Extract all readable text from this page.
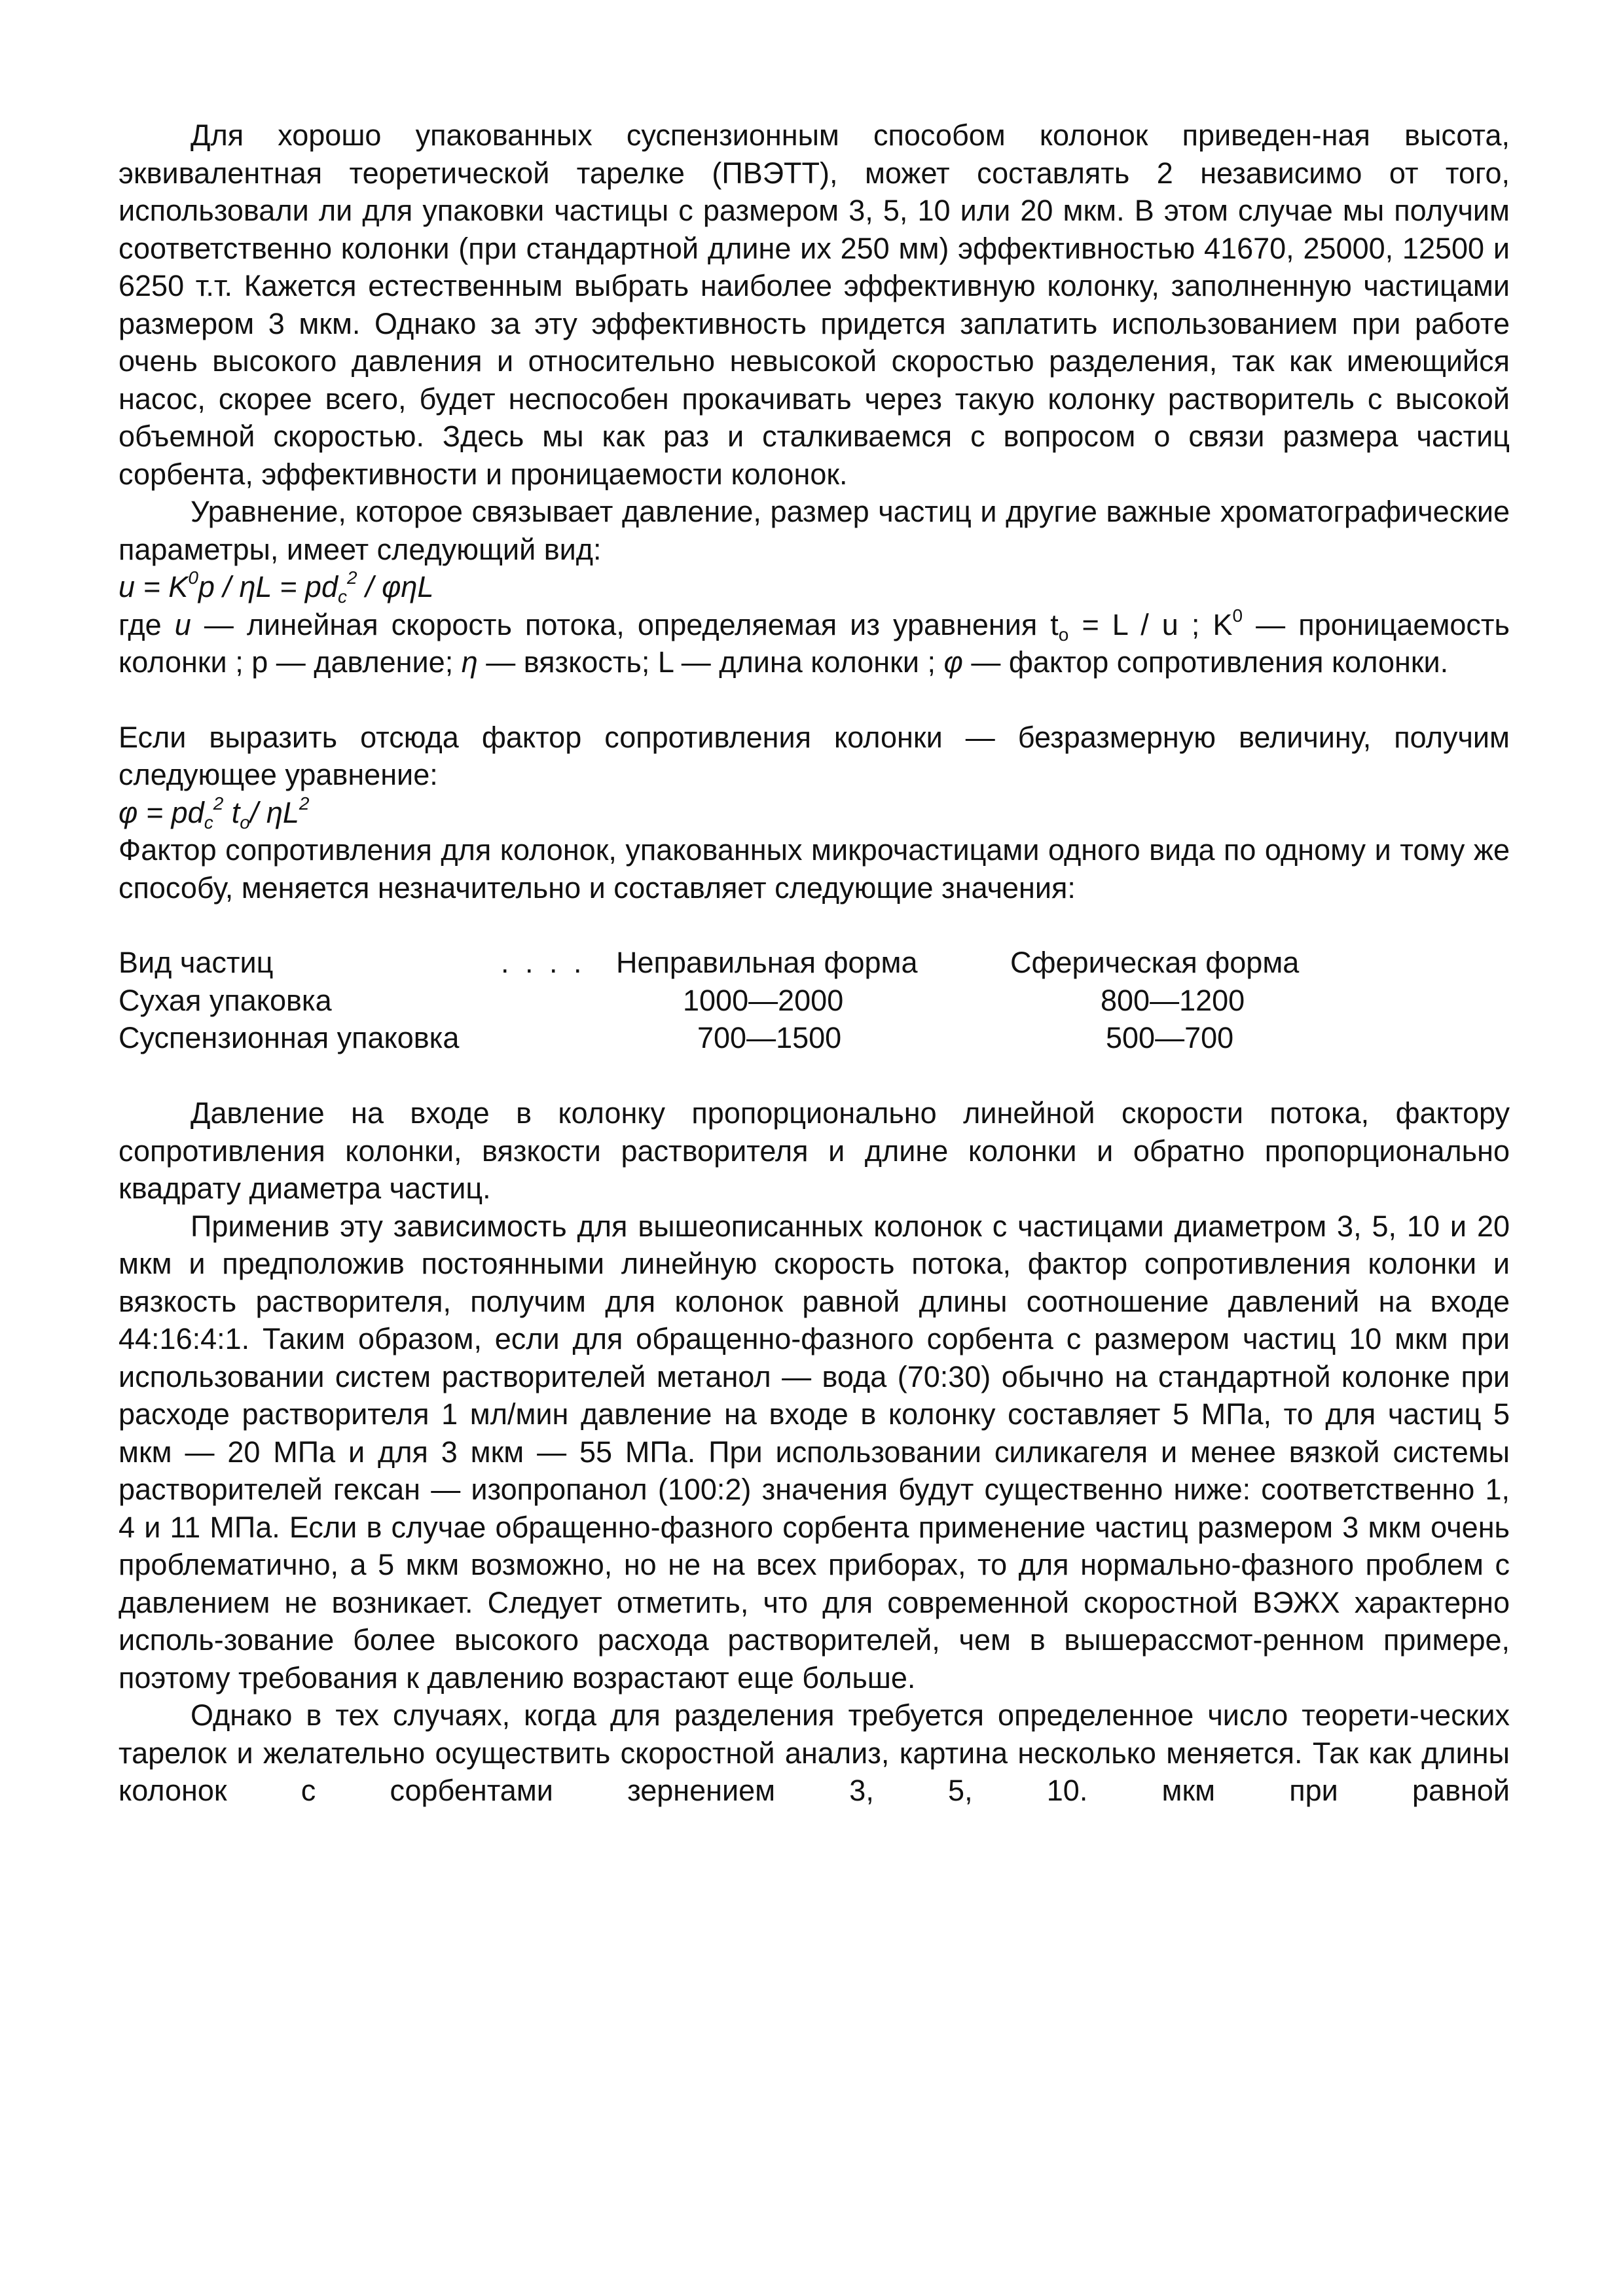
Для хорошо упакованных суспензионным способом колонок приведен-ная высота, эквивалентная теоретической тарелке (ПВЭТТ), может составлять 2 независимо от того, использовали ли для упаковки частицы с размером 3, 5, 10 или 20 мкм. В этом случае мы получим соответственно колонки (при стандартной длине их 250 мм) эффективностью 41670, 25000, 12500 и 6250 т.т. Кажется естественным выбрать наиболее эффективную колонку, заполненную частицами размером 3 мкм. Однако за эту эффективность придется заплатить использованием при работе очень высокого давления и относительно невысокой скоростью разделения, так как имеющийся насос, скорее всего, будет неспособен прокачивать через такую колонку растворитель с высокой объемной скоростью. Здесь мы как раз и сталкиваемся с вопросом о связи размера частиц сорбента, эффективности и проницаемости колонок.

Уравнение, которое связывает давление, размер частиц и другие важные хроматографические параметры, имеет следующий вид:

$u = K^0p / \eta L = pd_c^2 / \varphi\eta L$

где u — линейная скорость потока, определяемая из уравнения $t_o = L / u$ ; $K^0$ — проницаемость колонки ; p — давление; η — вязкость; L — длина колонки ; φ — фактор сопротивления колонки.

Если выразить отсюда фактор сопротивления колонки — безразмерную величину, получим следующее уравнение:

$\varphi = pd_c^2$ $t_o/$ $\eta L^2$

Фактор сопротивления для колонок, упакованных микрочастицами одного вида по одному и тому же способу, меняется незначительно и составляет следующие значения:

Вид частиц	. . . . Неправильная форма	Сферическая форма
Сухая упаковка	1000—2000	800—1200
Суспензионная упаковка	700—1500	500—700

Давление на входе в колонку пропорционально линейной скорости потока, фактору сопротивления колонки, вязкости растворителя и длине колонки и обратно пропорционально квадрату диаметра частиц.

Применив эту зависимость для вышеописанных колонок с частицами диаметром 3, 5, 10 и 20 мкм и предположив постоянными линейную скорость потока, фактор сопротивления колонки и вязкость растворителя, получим для колонок равной длины соотношение давлений на входе 44:16:4:1. Таким образом, если для обращенно-фазного сорбента с размером частиц 10 мкм при использовании систем растворителей метанол — вода (70:30) обычно на стандартной колонке при расходе растворителя 1 мл/мин давление на входе в колонку составляет 5 МПа, то для частиц 5 мкм — 20 МПа и для 3 мкм — 55 МПа. При использовании силикагеля и менее вязкой системы растворителей гексан — изопропанол (100:2) значения будут существенно ниже: соответственно 1, 4 и 11 МПа. Если в случае обращенно-фазного сорбента применение частиц размером 3 мкм очень проблематично, а 5 мкм возможно, но не на всех приборах, то для нормально-фазного проблем с давлением не возникает. Следует отметить, что для современной скоростной ВЭЖХ характерно исполь-зование более высокого расхода растворителей, чем в вышерассмот-ренном примере, поэтому требования к давлению возрастают еще больше.

Однако в тех случаях, когда для разделения требуется определенное число теорети-ческих тарелок и желательно осуществить скоростной анализ, картина несколько меняется. Так как длины колонок с сорбентами зернением 3, 5, 10. мкм при равной
